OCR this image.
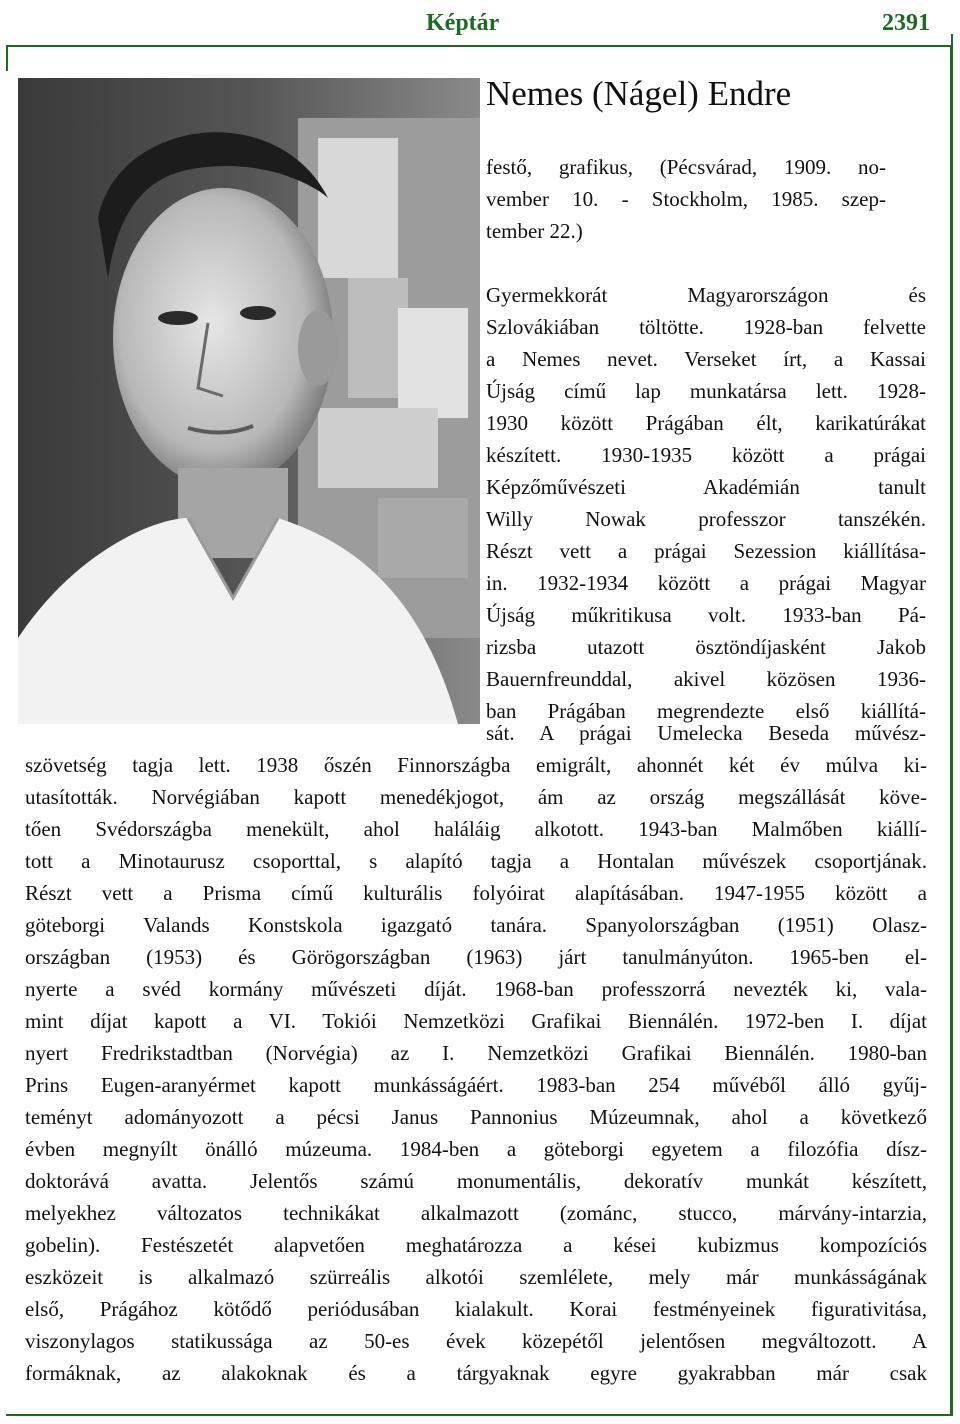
Képtár	2391
Nemes (Nágel) Endre

festő, grafikus, (Pécsvárad, 1909. no-

vember 10. - Stockholm, 1985. szep-

tember 22.)

Gyermekkorát Magyarországon és

Szlovákiában töltötte. 1928-ban felvette

a Nemes nevet. Verseket írt, a Kassai

Újság című lap munkatársa lett. 1928-

1930 között Prágában élt, karikatúrákat

készített. 1930-1935 között a prágai

Képzőművészeti Akadémián tanult

Willy Nowak professzor tanszékén.

Részt vett a prágai Sezession kiállítása-

in. 1932-1934 között a prágai Magyar

Újság műkritikusa volt. 1933-ban Pá-

rizsba utazott ösztöndíjasként Jakob

Bauernfreunddal, akivel közösen 1936-

ban Prágában megrendezte első kiállítá-

sát. A prágai Umelecka Beseda művész-

szövetség tagja lett. 1938 őszén Finnországba emigrált, ahonnét két év múlva ki-

utasították. Norvégiában kapott menedékjogot, ám az ország megszállását köve-

tően Svédországba menekült, ahol haláláig alkotott. 1943-ban Malmőben kiállí-

tott a Minotaurusz csoporttal, s alapító tagja a Hontalan művészek csoportjának.

Részt vett a Prisma című kulturális folyóirat alapításában. 1947-1955 között a

göteborgi Valands Konstskola igazgató tanára. Spanyolországban (1951) Olasz-

országban (1953) és Görögországban (1963) járt tanulmányúton. 1965-ben el-

nyerte a svéd kormány művészeti díját. 1968-ban professzorrá nevezték ki, vala-

mint díjat kapott a VI. Tokiói Nemzetközi Grafikai Biennálén. 1972-ben I. díjat

nyert Fredrikstadtban (Norvégia) az I. Nemzetközi Grafikai Biennálén. 1980-ban

Prins Eugen-aranyérmet kapott munkásságáért. 1983-ban 254 művéből álló gyűj-

teményt adományozott a pécsi Janus Pannonius Múzeumnak, ahol a következő

évben megnyílt önálló múzeuma. 1984-ben a göteborgi egyetem a filozófia dísz-

doktorává avatta. Jelentős számú monumentális, dekoratív munkát készített,

melyekhez változatos technikákat alkalmazott (zománc, stucco, márvány-intarzia,

gobelin). Festészetét alapvetően meghatározza a kései kubizmus kompozíciós

eszközeit is alkalmazó szürreális alkotói szemlélete, mely már munkásságának

első, Prágához kötődő periódusában kialakult. Korai festményeinek figurativitása,

viszonylagos statikussága az 50-es évek közepétől jelentősen megváltozott. A

formáknak, az alakoknak és a tárgyaknak egyre gyakrabban már csak
